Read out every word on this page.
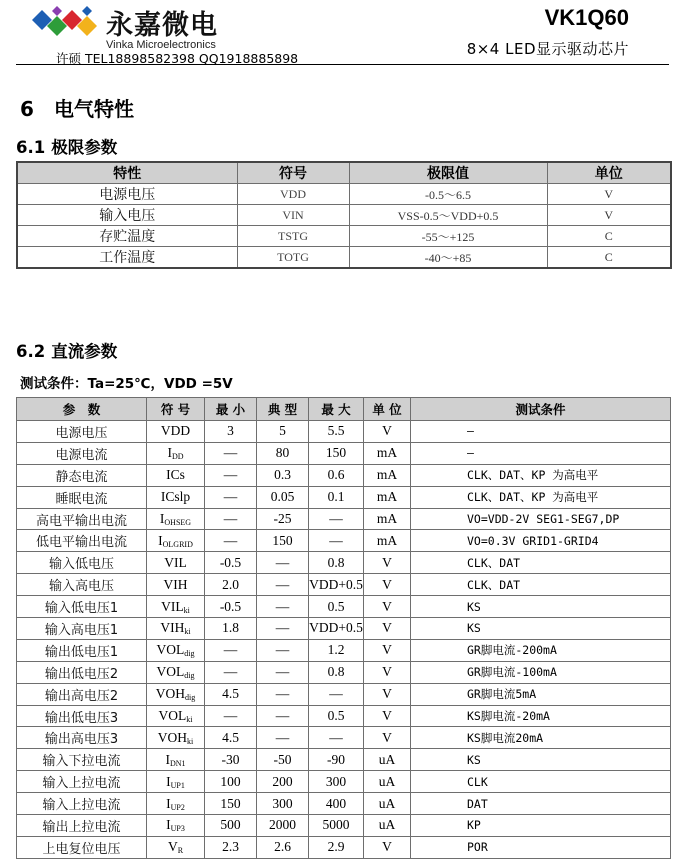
永嘉微电
Vinka Microelectronics
许硕 TEL18898582398 QQ1918885898
VK1Q60
8×4 LED显示驱动芯片
6 电气特性
6.1 极限参数
特性	符号	极限值	单位
电源电压	VDD	-0.5～6.5	V
输入电压	VIN	VSS-0.5～VDD+0.5	V
存贮温度	TSTG	-55～+125	C
工作温度	TOTG	-40～+85	C
6.2 直流参数
测试条件：Ta=25℃，VDD =5V
参　数	符 号	最 小	典 型	最 大	单 位	测试条件
电源电压	VDD	3	5	5.5	V	—
电源电流	$I_{DD}$	—	80	150	mA	—
静态电流	ICs	—	0.3	0.6	mA	CLK、DAT、KP 为高电平
睡眠电流	ICslp	—	0.05	0.1	mA	CLK、DAT、KP 为高电平
高电平输出电流	$I_{OHSEG}$	—	-25	—	mA	VO=VDD-2V SEG1-SEG7,DP
低电平输出电流	$I_{OLGRID}$	—	150	—	mA	VO=0.3V GRID1-GRID4
输入低电压	VIL	-0.5	—	0.8	V	CLK、DAT
输入高电压	VIH	2.0	—	VDD+0.5	V	CLK、DAT
输入低电压1	$VIL_{ki}$	-0.5	—	0.5	V	KS
输入高电压1	$VIH_{ki}$	1.8	—	VDD+0.5	V	KS
输出低电压1	$VOL_{dig}$	—	—	1.2	V	GR脚电流-200mA
输出低电压2	$VOL_{dig}$	—	—	0.8	V	GR脚电流-100mA
输出高电压2	$VOH_{dig}$	4.5	—	—	V	GR脚电流5mA
输出低电压3	$VOL_{ki}$	—	—	0.5	V	KS脚电流-20mA
输出高电压3	$VOH_{ki}$	4.5	—	—	V	KS脚电流20mA
输入下拉电流	$I_{DN1}$	-30	-50	-90	uA	KS
输入上拉电流	$I_{UP1}$	100	200	300	uA	CLK
输入上拉电流	$I_{UP2}$	150	300	400	uA	DAT
输出上拉电流	$I_{UP3}$	500	2000	5000	uA	KP
上电复位电压	$V_R$	2.3	2.6	2.9	V	POR
